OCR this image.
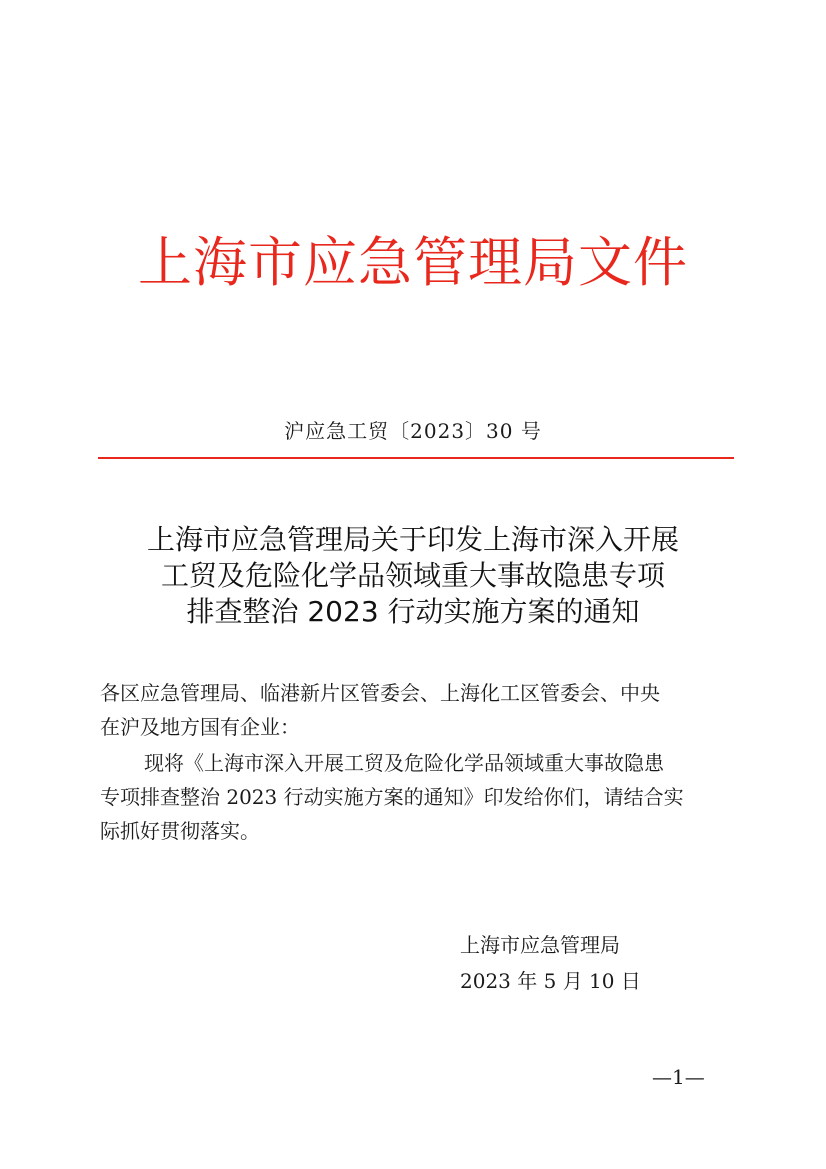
上海市应急管理局文件
沪应急工贸〔2023〕30 号
上海市应急管理局关于印发上海市深入开展
工贸及危险化学品领域重大事故隐患专项
排查整治 2023 行动实施方案的通知
各区应急管理局、临港新片区管委会、上海化工区管委会、中央
在沪及地方国有企业：
现将《上海市深入开展工贸及危险化学品领域重大事故隐患
专项排查整治 2023 行动实施方案的通知》印发给你们，请结合实
际抓好贯彻落实。
上海市应急管理局
2023 年 5 月 10 日
—1—
